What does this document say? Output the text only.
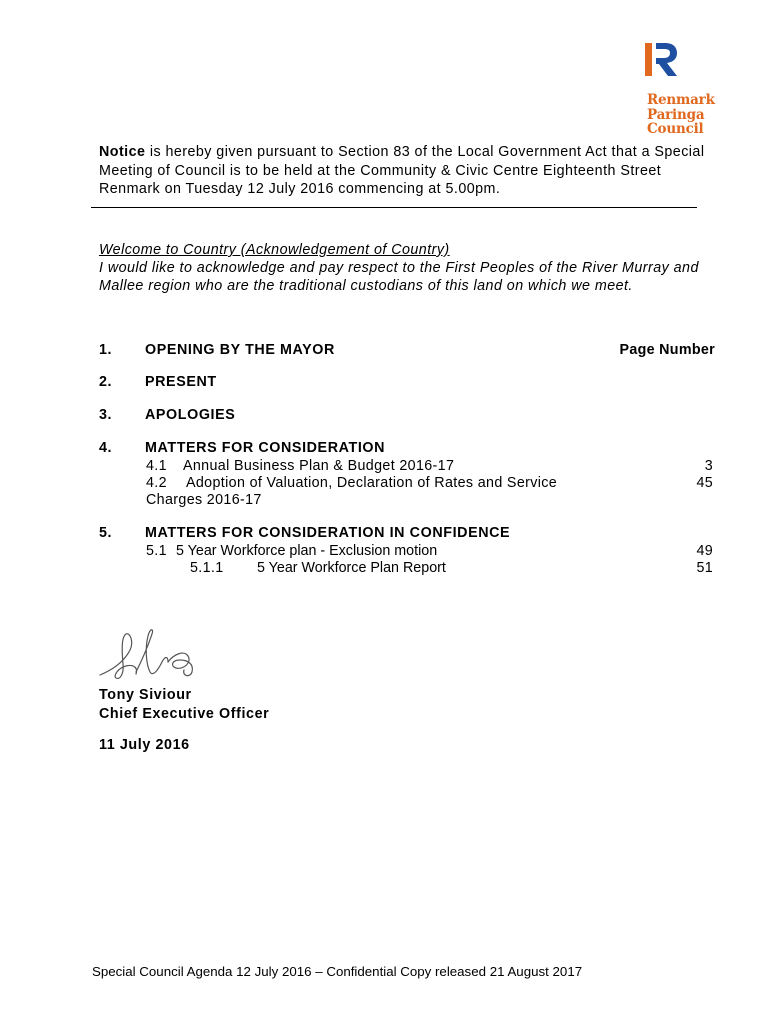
Renmark
Paringa
Council
Notice is hereby given pursuant to Section 83 of the Local Government Act that a Special Meeting of Council is to be held at the Community & Civic Centre Eighteenth Street Renmark on Tuesday 12 July 2016 commencing at 5.00pm.
Welcome to Country (Acknowledgement of Country)
I would like to acknowledge and pay respect to the First Peoples of the River Murray and Mallee region who are the traditional custodians of this land on which we meet.
1. OPENING BY THE MAYOR	Page Number
2. PRESENT
3. APOLOGIES
4. MATTERS FOR CONSIDERATION
4.1 Annual Business Plan & Budget 2016-17	3
4.2 Adoption of Valuation, Declaration of Rates and Service	45
Charges 2016-17
5. MATTERS FOR CONSIDERATION IN CONFIDENCE
5.1 5 Year Workforce plan - Exclusion motion	49
5.1.1 5 Year Workforce Plan Report	51
Tony Siviour
Chief Executive Officer
11 July 2016
Special Council Agenda 12 July 2016 – Confidential Copy released 21 August 2017
